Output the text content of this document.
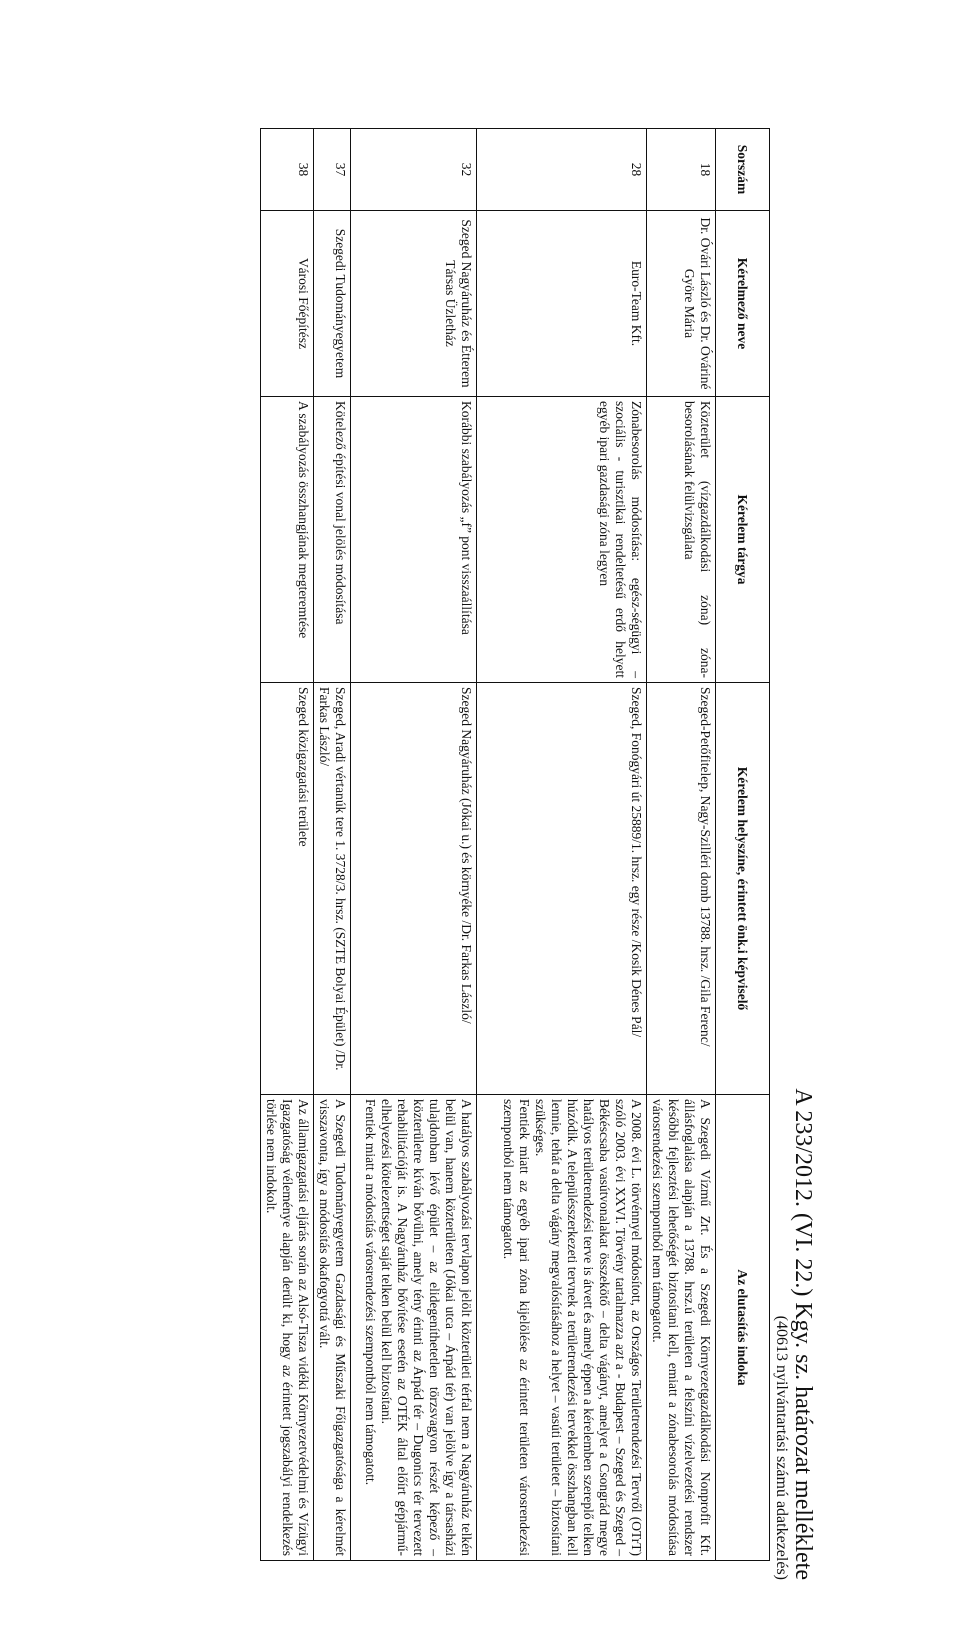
A 233/2012. (VI. 22.) Kgy. sz. határozat melléklete
(40613 nyilvántartási számú adatkezelés)
Sorszám	Kérelmező neve	Kérelem tárgya	Kérelem helyszíne, érintett önk.i képviselő	Az elutasítás indoka
18	Dr. Óvári László és Dr. Óváriné Györe Mária	Közterület (vízgazdálkodási zóna) zóna-besorolásának felülvizsgálata	Szeged-Petőfitelep, Nagy-Szilléri domb 13788. hrsz. /Gila Ferenc/	A Szegedi Vízmű Zrt. És a Szegedi Környezetgazdálkodási Nonprofit Kft. állásfoglalása alapján a 13788. hrsz.ú területen a felszíni vízelvezetési rendszer későbbi fejlesztési lehetőségét biztosítani kell, emiatt a zónabesorolás módosítása városrendezési szempontból nem támogatott.

28	Euro-Team Kft.	Zónabesorolás módosítása: egész-ségügyi – szociális - turisztikai rendeltetésű erdő helyett egyéb ipari gazdasági zóna legyen	Szeged, Fonógyári út 25889/1. hrsz. egy része /Kosik Dénes Pál/	A 2008. évi L. törvénnyel módosított, az Országos Területrendezési Tervről (OTrT) szóló 2003. évi XXVI. Törvény tartalmazza azt a - Budapest – Szeged és Szeged – Békéscsaba vasútvonalakat összekötő – delta vágányt, amelyet a Csongrád megye hatályos területrendezési terve is átvett és amely éppen a kérelemben szereplő telken húzódik. A településszerkezeti tervnek a területrendezési tervekkel összhangban kell lennie, tehát a delta vágány megvalósításához a helyet – vasúti területet – biztosítani szükséges.

Fentiek miatt az egyéb ipari zóna kijelölése az érintett területen városrendezési szempontból nem támogatott.

32	Szeged Nagyáruház és Étterem Társas Üzletház	Korábbi szabályozás „f” pont visszaállítása	Szeged Nagyáruház (Jókai u.) és környéke /Dr. Farkas László/	A hatályos szabályozási tervlapon jelölt közterületi térfal nem a Nagyáruház telkén belül van, hanem közterületen (Jókai utca – Árpád tér) van jelölve így a társasházi tulajdonban lévő épület – az elidegeníthetetlen törzsvagyon részét képező – közterületre kíván bővülni, amely tény érinti az Árpád tér – Dugonics tér tervezett rehabilitációját is. A Nagyáruház bővítése esetén az OTÉK által előírt gépjármű-elhelyezési kötelezettséget saját telken belül kell biztosítani.

Fentiek miatt a módosítás városrendezési szempontból nem támogatott.

37	Szegedi Tudományegyetem	Kötelező építési vonal jelölés módosítása	Szeged, Aradi vértanúk tere 1. 3728/3. hrsz. (SZTE Bolyai Épület) /Dr. Farkas László/	A Szegedi Tudományegyetem Gazdasági és Műszaki Főigazgatósága a kérelmét visszavonta, így a módosítás okafogyottá vált.

38	Városi Főépítész	A szabályozás összhangjának megteremtése	Szeged közigazgatási területe	Az államigazgatási eljárás során az Alsó-Tisza vidéki Környezetvédelmi és Vízügyi Igazgatóság véleménye alapján derült ki, hogy az érintett jogszabályi rendelkezés törlése nem indokolt.
